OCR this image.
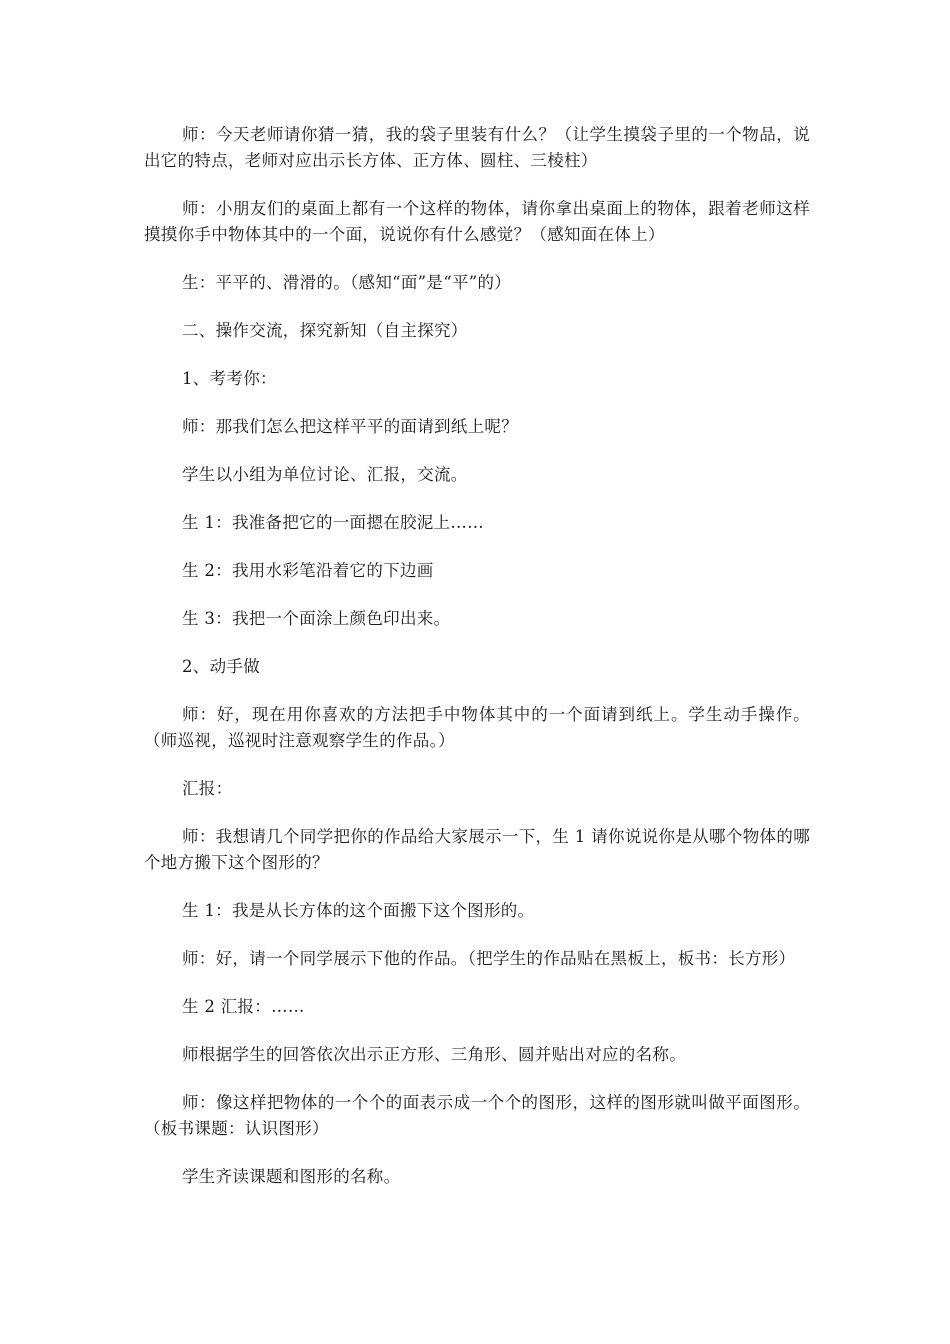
师：今天老师请你猜一猜，我的袋子里装有什么？（让学生摸袋子里的一个物品，说出它的特点，老师对应出示长方体、正方体、圆柱、三棱柱）

师：小朋友们的桌面上都有一个这样的物体，请你拿出桌面上的物体，跟着老师这样摸摸你手中物体其中的一个面，说说你有什么感觉？（感知面在体上）

生：平平的、滑滑的。（感知“面”是“平”的）

二、操作交流，探究新知（自主探究）

1、考考你：

师：那我们怎么把这样平平的面请到纸上呢？

学生以小组为单位讨论、汇报，交流。

生 1：我准备把它的一面摁在胶泥上……

生 2：我用水彩笔沿着它的下边画

生 3：我把一个面涂上颜色印出来。

2、动手做

师：好，现在用你喜欢的方法把手中物体其中的一个面请到纸上。学生动手操作。（师巡视，巡视时注意观察学生的作品。）

汇报：

师：我想请几个同学把你的作品给大家展示一下，生 1 请你说说你是从哪个物体的哪个地方搬下这个图形的？

生 1：我是从长方体的这个面搬下这个图形的。

师：好，请一个同学展示下他的作品。（把学生的作品贴在黑板上，板书：长方形）

生 2 汇报：……

师根据学生的回答依次出示正方形、三角形、圆并贴出对应的名称。

师：像这样把物体的一个个的面表示成一个个的图形，这样的图形就叫做平面图形。（板书课题：认识图形）

学生齐读课题和图形的名称。
